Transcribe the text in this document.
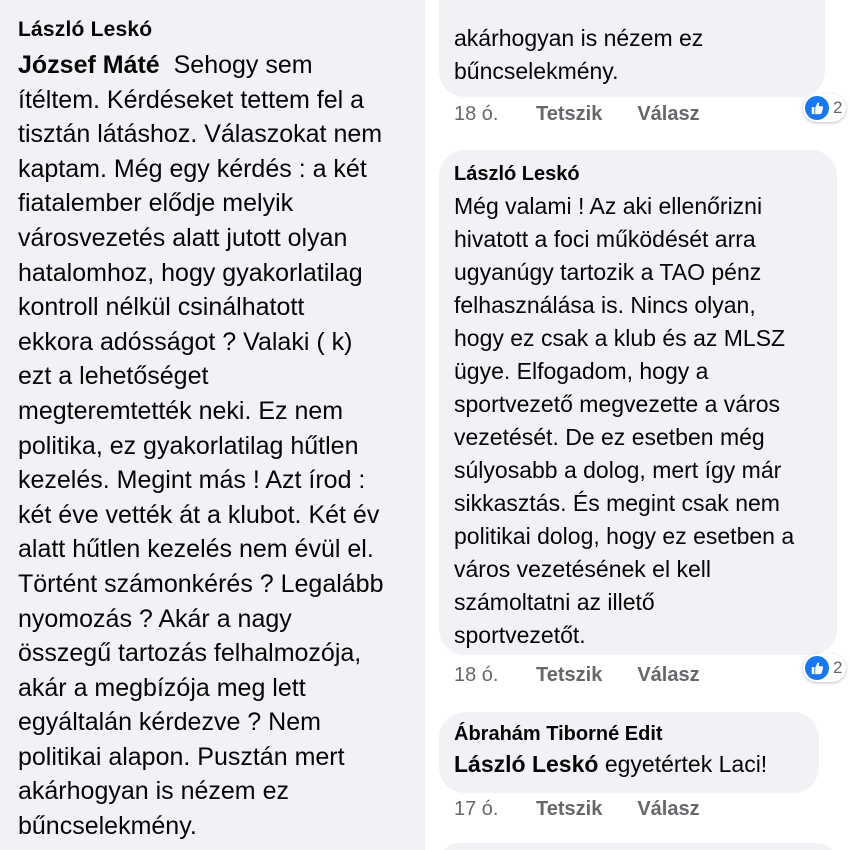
László Leskó
József Máté Sehogy sem
ítéltem. Kérdéseket tettem fel a
tisztán látáshoz. Válaszokat nem
kaptam. Még egy kérdés : a két
fiatalember elődje melyik
városvezetés alatt jutott olyan
hatalomhoz, hogy gyakorlatilag
kontroll nélkül csinálhatott
ekkora adósságot ? Valaki ( k)
ezt a lehetőséget
megteremtették neki. Ez nem
politika, ez gyakorlatilag hűtlen
kezelés. Megint más ! Azt írod :
két éve vették át a klubot. Két év
alatt hűtlen kezelés nem évül el.
Történt számonkérés ? Legalább
nyomozás ? Akár a nagy
összegű tartozás felhalmozója,
akár a megbízója meg lett
egyáltalán kérdezve ? Nem
politikai alapon. Pusztán mert
akárhogyan is nézem ez
bűncselekmény.
akárhogyan is nézem ez
bűncselekmény.
18 ó.	Tetszik Válasz	2
László Leskó
Még valami ! Az aki ellenőrizni
hivatott a foci működését arra
ugyanúgy tartozik a TAO pénz
felhasználása is. Nincs olyan,
hogy ez csak a klub és az MLSZ
ügye. Elfogadom, hogy a
sportvezető megvezette a város
vezetését. De ez esetben még
súlyosabb a dolog, mert így már
sikkasztás. És megint csak nem
politikai dolog, hogy ez esetben a
város vezetésének el kell
számoltatni az illető
sportvezetőt.
18 ó.	Tetszik Válasz	2
Ábrahám Tiborné Edit
László Leskó egyetértek Laci!
17 ó.	Tetszik Válasz
